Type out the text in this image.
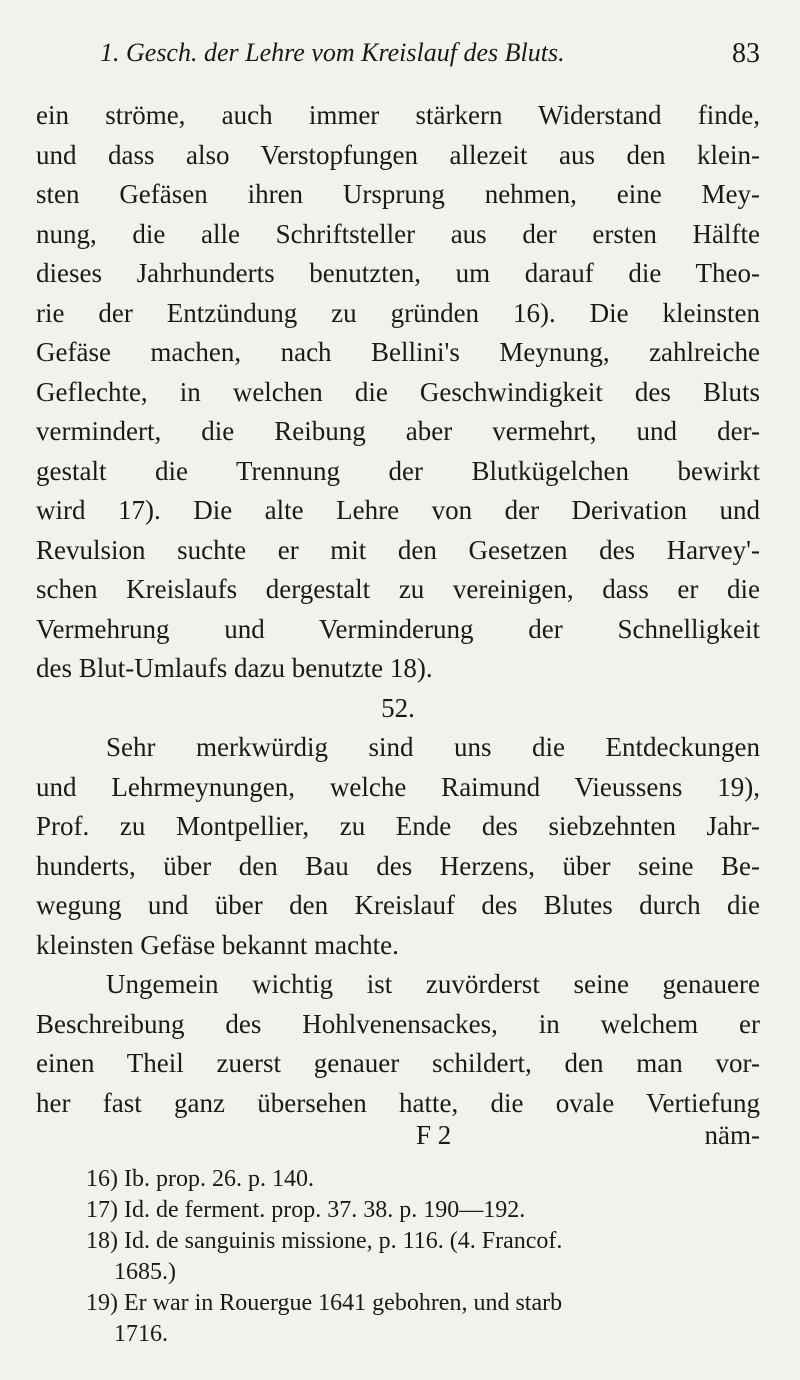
1. Gesch. der Lehre vom Kreislauf des Bluts.	83
ein ströme, auch immer stärkern Widerstand finde,
und dass also Verstopfungen allezeit aus den klein-
sten Gefäsen ihren Ursprung nehmen, eine Mey-
nung, die alle Schriftsteller aus der ersten Hälfte
dieses Jahrhunderts benutzten, um darauf die Theo-
rie der Entzündung zu gründen 16). Die kleinsten
Gefäse machen, nach Bellini's Meynung, zahlreiche
Geflechte, in welchen die Geschwindigkeit des Bluts
vermindert, die Reibung aber vermehrt, und der-
gestalt die Trennung der Blutkügelchen bewirkt
wird 17). Die alte Lehre von der Derivation und
Revulsion suchte er mit den Gesetzen des Harvey'-
schen Kreislaufs dergestalt zu vereinigen, dass er die
Vermehrung und Verminderung der Schnelligkeit
des Blut-Umlaufs dazu benutzte 18).
52.
Sehr merkwürdig sind uns die Entdeckungen
und Lehrmeynungen, welche Raimund Vieussens 19),
Prof. zu Montpellier, zu Ende des siebzehnten Jahr-
hunderts, über den Bau des Herzens, über seine Be-
wegung und über den Kreislauf des Blutes durch die
kleinsten Gefäse bekannt machte.
Ungemein wichtig ist zuvörderst seine genauere
Beschreibung des Hohlvenensackes, in welchem er
einen Theil zuerst genauer schildert, den man vor-
her fast ganz übersehen hatte, die ovale Vertiefung
F 2	näm-
16) Ib. prop. 26. p. 140.
17) Id. de ferment. prop. 37. 38. p. 190—192.
18) Id. de sanguinis missione, p. 116. (4. Francof.
1685.)
19) Er war in Rouergue 1641 gebohren, und starb
1716.
